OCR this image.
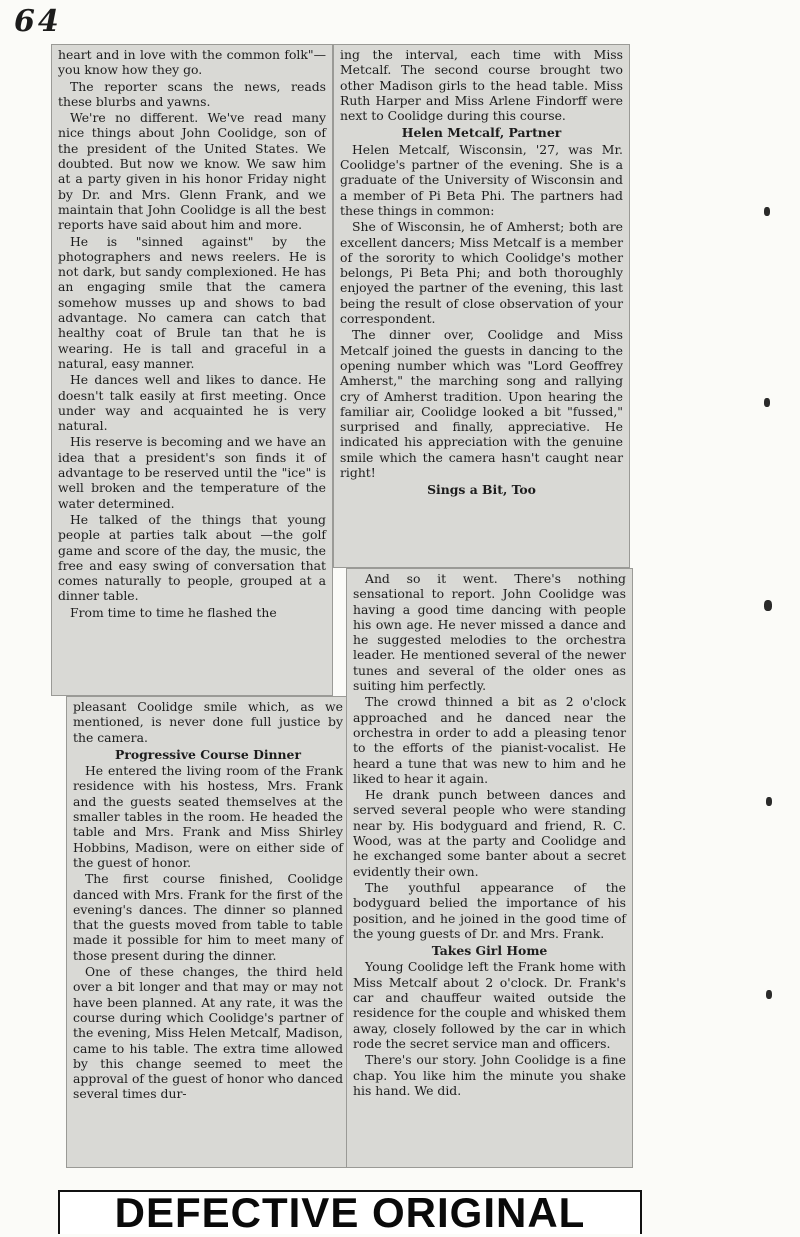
64

heart and in love with the common folk"—you know how they go.

The reporter scans the news, reads these blurbs and yawns.

We're no different. We've read many nice things about John Coolidge, son of the president of the United States. We doubted. But now we know. We saw him at a party given in his honor Friday night by Dr. and Mrs. Glenn Frank, and we maintain that John Coolidge is all the best reports have said about him and more.

He is "sinned against" by the photographers and news reelers. He is not dark, but sandy complexioned. He has an engaging smile that the camera somehow musses up and shows to bad advantage. No camera can catch that healthy coat of Brule tan that he is wearing. He is tall and graceful in a natural, easy manner.

He dances well and likes to dance. He doesn't talk easily at first meeting. Once under way and acquainted he is very natural.

His reserve is becoming and we have an idea that a president's son finds it of advantage to be reserved until the "ice" is well broken and the temperature of the water determined.

He talked of the things that young people at parties talk about —the golf game and score of the day, the music, the free and easy swing of conversation that comes naturally to people, grouped at a dinner table.

From time to time he flashed the

pleasant Coolidge smile which, as we mentioned, is never done full justice by the camera.

Progressive Course Dinner

He entered the living room of the Frank residence with his hostess, Mrs. Frank and the guests seated themselves at the smaller tables in the room. He headed the table and Mrs. Frank and Miss Shirley Hobbins, Madison, were on either side of the guest of honor.

The first course finished, Coolidge danced with Mrs. Frank for the first of the evening's dances. The dinner so planned that the guests moved from table to table made it possible for him to meet many of those present during the dinner.

One of these changes, the third held over a bit longer and that may or may not have been planned. At any rate, it was the course during which Coolidge's partner of the evening, Miss Helen Metcalf, Madison, came to his table. The extra time allowed by this change seemed to meet the approval of the guest of honor who danced several times dur-

ing the interval, each time with Miss Metcalf. The second course brought two other Madison girls to the head table. Miss Ruth Harper and Miss Arlene Findorff were next to Coolidge during this course.

Helen Metcalf, Partner

Helen Metcalf, Wisconsin, '27, was Mr. Coolidge's partner of the evening. She is a graduate of the University of Wisconsin and a member of Pi Beta Phi. The partners had these things in common:

She of Wisconsin, he of Amherst; both are excellent dancers; Miss Metcalf is a member of the sorority to which Coolidge's mother belongs, Pi Beta Phi; and both thoroughly enjoyed the partner of the evening, this last being the result of close observation of your correspondent.

The dinner over, Coolidge and Miss Metcalf joined the guests in dancing to the opening number which was "Lord Geoffrey Amherst," the marching song and rallying cry of Amherst tradition. Upon hearing the familiar air, Coolidge looked a bit "fussed," surprised and finally, appreciative. He indicated his appreciation with the genuine smile which the camera hasn't caught near right!

Sings a Bit, Too

And so it went. There's nothing sensational to report. John Coolidge was having a good time dancing with people his own age. He never missed a dance and he suggested melodies to the orchestra leader. He mentioned several of the newer tunes and several of the older ones as suiting him perfectly.

The crowd thinned a bit as 2 o'clock approached and he danced near the orchestra in order to add a pleasing tenor to the efforts of the pianist-vocalist. He heard a tune that was new to him and he liked to hear it again.

He drank punch between dances and served several people who were standing near by. His bodyguard and friend, R. C. Wood, was at the party and Coolidge and he exchanged some banter about a secret evidently their own.

The youthful appearance of the bodyguard belied the importance of his position, and he joined in the good time of the young guests of Dr. and Mrs. Frank.

Takes Girl Home

Young Coolidge left the Frank home with Miss Metcalf about 2 o'clock. Dr. Frank's car and chauffeur waited outside the residence for the couple and whisked them away, closely followed by the car in which rode the secret service man and officers.

There's our story. John Coolidge is a fine chap. You like him the minute you shake his hand. We did.

DEFECTIVE ORIGINAL
